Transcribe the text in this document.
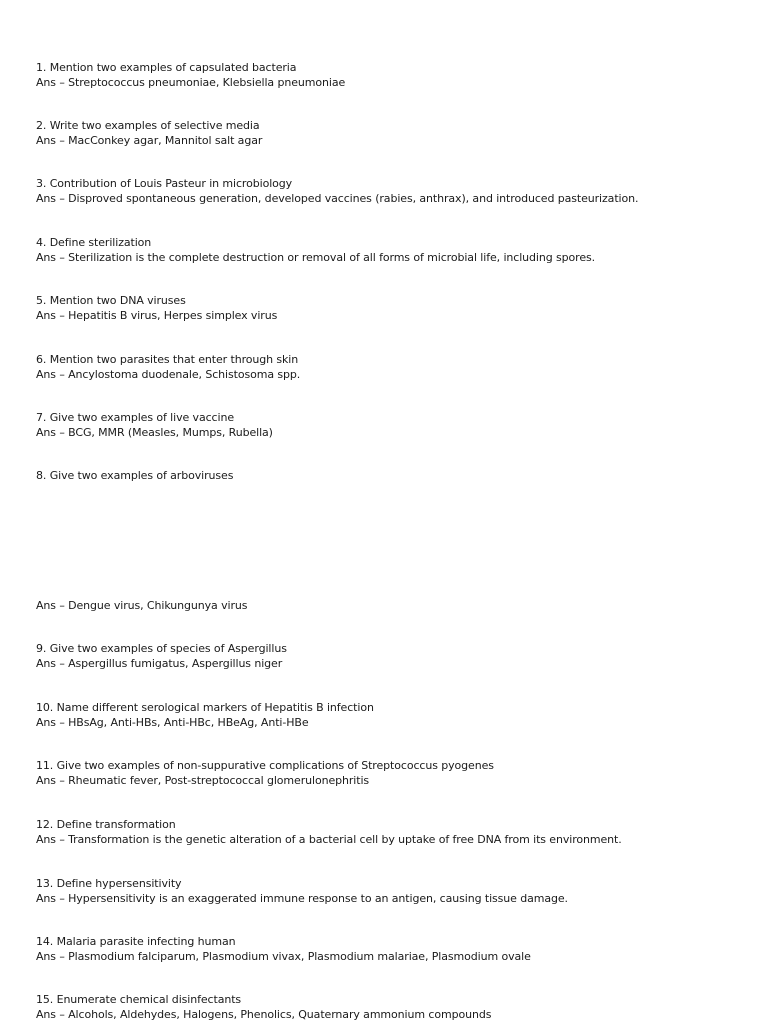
1. Mention two examples of capsulated bacteria
Ans – Streptococcus pneumoniae, Klebsiella pneumoniae
2. Write two examples of selective media
Ans – MacConkey agar, Mannitol salt agar
3. Contribution of Louis Pasteur in microbiology
Ans – Disproved spontaneous generation, developed vaccines (rabies, anthrax), and introduced pasteurization.
4. Define sterilization
Ans – Sterilization is the complete destruction or removal of all forms of microbial life, including spores.
5. Mention two DNA viruses
Ans – Hepatitis B virus, Herpes simplex virus
6. Mention two parasites that enter through skin
Ans – Ancylostoma duodenale, Schistosoma spp.
7. Give two examples of live vaccine
Ans – BCG, MMR (Measles, Mumps, Rubella)
8. Give two examples of arboviruses
Ans – Dengue virus, Chikungunya virus
9. Give two examples of species of Aspergillus
Ans – Aspergillus fumigatus, Aspergillus niger
10. Name different serological markers of Hepatitis B infection
Ans – HBsAg, Anti-HBs, Anti-HBc, HBeAg, Anti-HBe
11. Give two examples of non-suppurative complications of Streptococcus pyogenes
Ans – Rheumatic fever, Post-streptococcal glomerulonephritis
12. Define transformation
Ans – Transformation is the genetic alteration of a bacterial cell by uptake of free DNA from its environment.
13. Define hypersensitivity
Ans – Hypersensitivity is an exaggerated immune response to an antigen, causing tissue damage.
14. Malaria parasite infecting human
Ans – Plasmodium falciparum, Plasmodium vivax, Plasmodium malariae, Plasmodium ovale
15. Enumerate chemical disinfectants
Ans – Alcohols, Aldehydes, Halogens, Phenolics, Quaternary ammonium compounds
